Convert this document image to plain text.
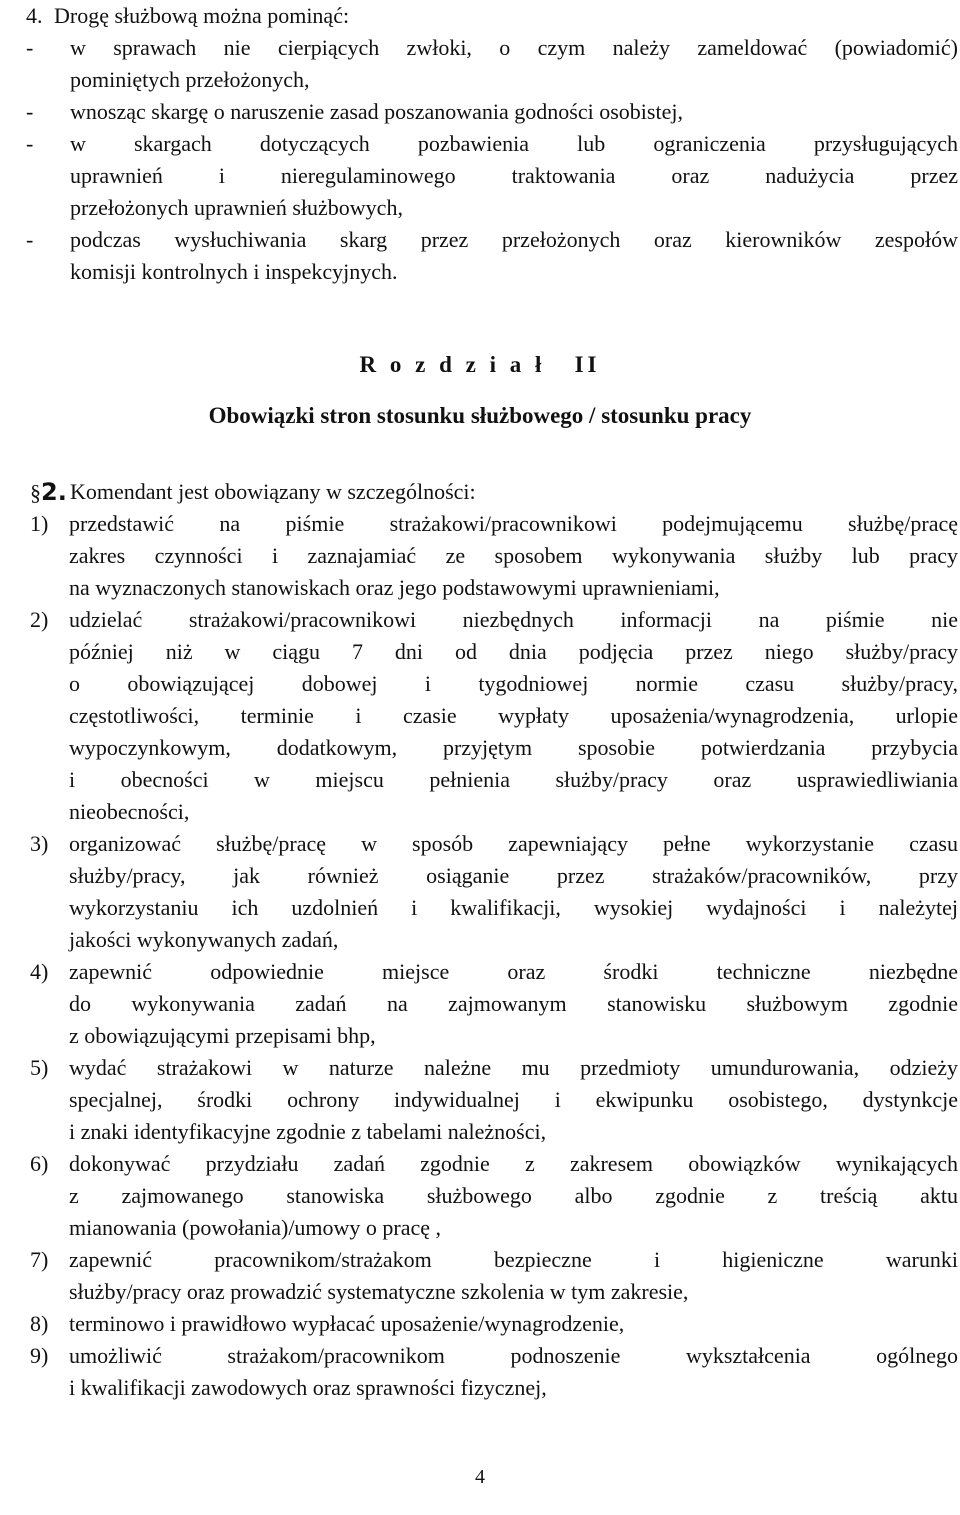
4. Drogę służbową można pominąć:
- w sprawach nie cierpiących zwłoki, o czym należy zameldować (powiadomić)
pominiętych przełożonych,
- wnosząc skargę o naruszenie zasad poszanowania godności osobistej,
- w skargach dotyczących pozbawienia lub ograniczenia przysługujących
uprawnień i nieregulaminowego traktowania oraz nadużycia przez
przełożonych uprawnień służbowych,
- podczas wysłuchiwania skarg przez przełożonych oraz kierowników zespołów
komisji kontrolnych i inspekcyjnych.
R o z d z i a ł   II
Obowiązki stron stosunku służbowego / stosunku pracy
§2. Komendant jest obowiązany w szczególności:
1) przedstawić na piśmie strażakowi/pracownikowi podejmującemu służbę/pracę
zakres czynności i zaznajamiać ze sposobem wykonywania służby lub pracy
na wyznaczonych stanowiskach oraz jego podstawowymi uprawnieniami,
2) udzielać strażakowi/pracownikowi niezbędnych informacji na piśmie nie
później niż w ciągu 7 dni od dnia podjęcia przez niego służby/pracy
o obowiązującej dobowej i tygodniowej normie czasu służby/pracy,
częstotliwości, terminie i czasie wypłaty uposażenia/wynagrodzenia, urlopie
wypoczynkowym, dodatkowym, przyjętym sposobie potwierdzania przybycia
i obecności w miejscu pełnienia służby/pracy oraz usprawiedliwiania
nieobecności,
3) organizować służbę/pracę w sposób zapewniający pełne wykorzystanie czasu
służby/pracy, jak również osiąganie przez strażaków/pracowników, przy
wykorzystaniu ich uzdolnień i kwalifikacji, wysokiej wydajności i należytej
jakości wykonywanych zadań,
4) zapewnić odpowiednie miejsce oraz środki techniczne niezbędne
do wykonywania zadań na zajmowanym stanowisku służbowym zgodnie
z obowiązującymi przepisami bhp,
5) wydać strażakowi w naturze należne mu przedmioty umundurowania, odzieży
specjalnej, środki ochrony indywidualnej i ekwipunku osobistego, dystynkcje
i znaki identyfikacyjne zgodnie z tabelami należności,
6) dokonywać przydziału zadań zgodnie z zakresem obowiązków wynikających
z zajmowanego stanowiska służbowego albo zgodnie z treścią aktu
mianowania (powołania)/umowy o pracę ,
7) zapewnić pracownikom/strażakom bezpieczne i higieniczne warunki
służby/pracy oraz prowadzić systematyczne szkolenia w tym zakresie,
8) terminowo i prawidłowo wypłacać uposażenie/wynagrodzenie,
9) umożliwić strażakom/pracownikom podnoszenie wykształcenia ogólnego
i kwalifikacji zawodowych oraz sprawności fizycznej,
4
